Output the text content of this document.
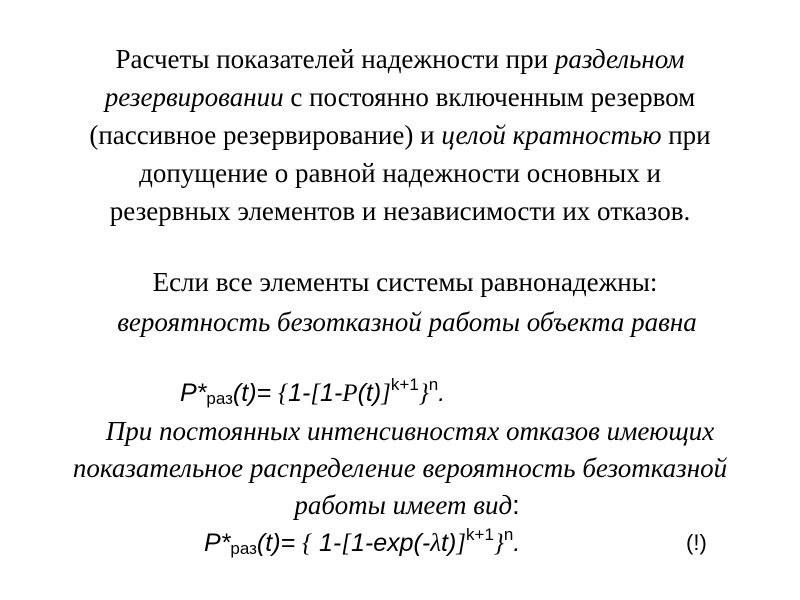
Расчеты показателей надежности при раздельном
резервировании с постоянно включенным резервом
(пассивное резервирование) и целой кратностью при
допущение о равной надежности основных и
резервных элементов и независимости их отказов.
Если все элементы системы равнонадежны:
вероятность безотказной работы объекта равна
$P*раз(t)= \{1-[1-P(t)]^{k+1}\}^n$.
При постоянных интенсивностях отказов имеющих
показательное распределение вероятность безотказной
работы имеет вид:
P*раз(t)= { $1-[1-\exp(-\lambda t)]^{k+1}\}^n$.	(!)
